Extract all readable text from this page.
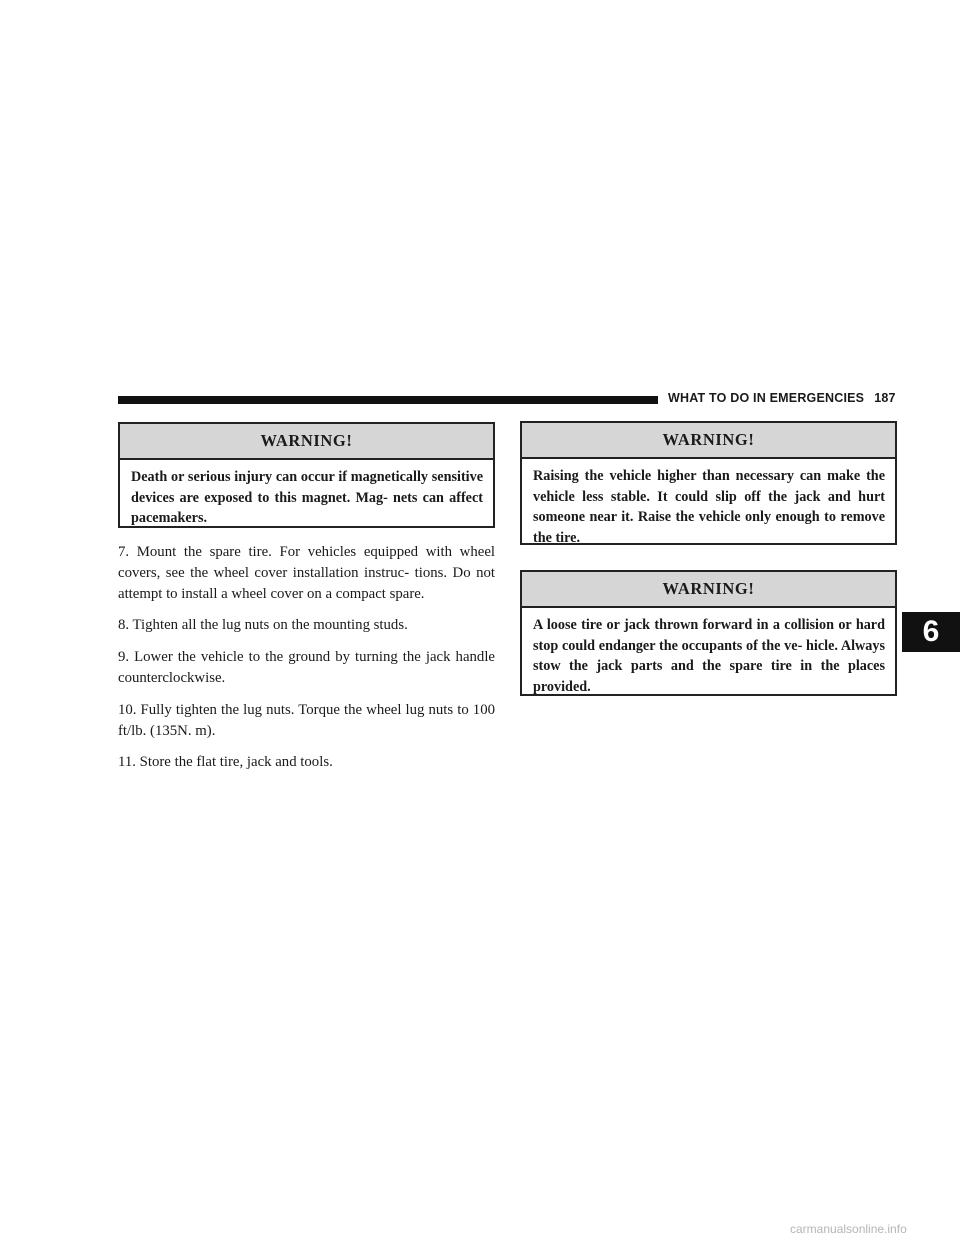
WHAT TO DO IN EMERGENCIES 187
WARNING!
Death or serious injury can occur if magnetically sensitive devices are exposed to this magnet. Mag- nets can affect pacemakers.

7. Mount the spare tire. For vehicles equipped with wheel covers, see the wheel cover installation instruc- tions. Do not attempt to install a wheel cover on a compact spare.

8. Tighten all the lug nuts on the mounting studs.

9. Lower the vehicle to the ground by turning the jack handle counterclockwise.

10. Fully tighten the lug nuts. Torque the wheel lug nuts to 100 ft/lb. (135N. m).

11. Store the flat tire, jack and tools.

WARNING!
Raising the vehicle higher than necessary can make the vehicle less stable. It could slip off the jack and hurt someone near it. Raise the vehicle only enough to remove the tire.
WARNING!
A loose tire or jack thrown forward in a collision or hard stop could endanger the occupants of the ve- hicle. Always stow the jack parts and the spare tire in the places provided.
6
carmanualsonline.info
